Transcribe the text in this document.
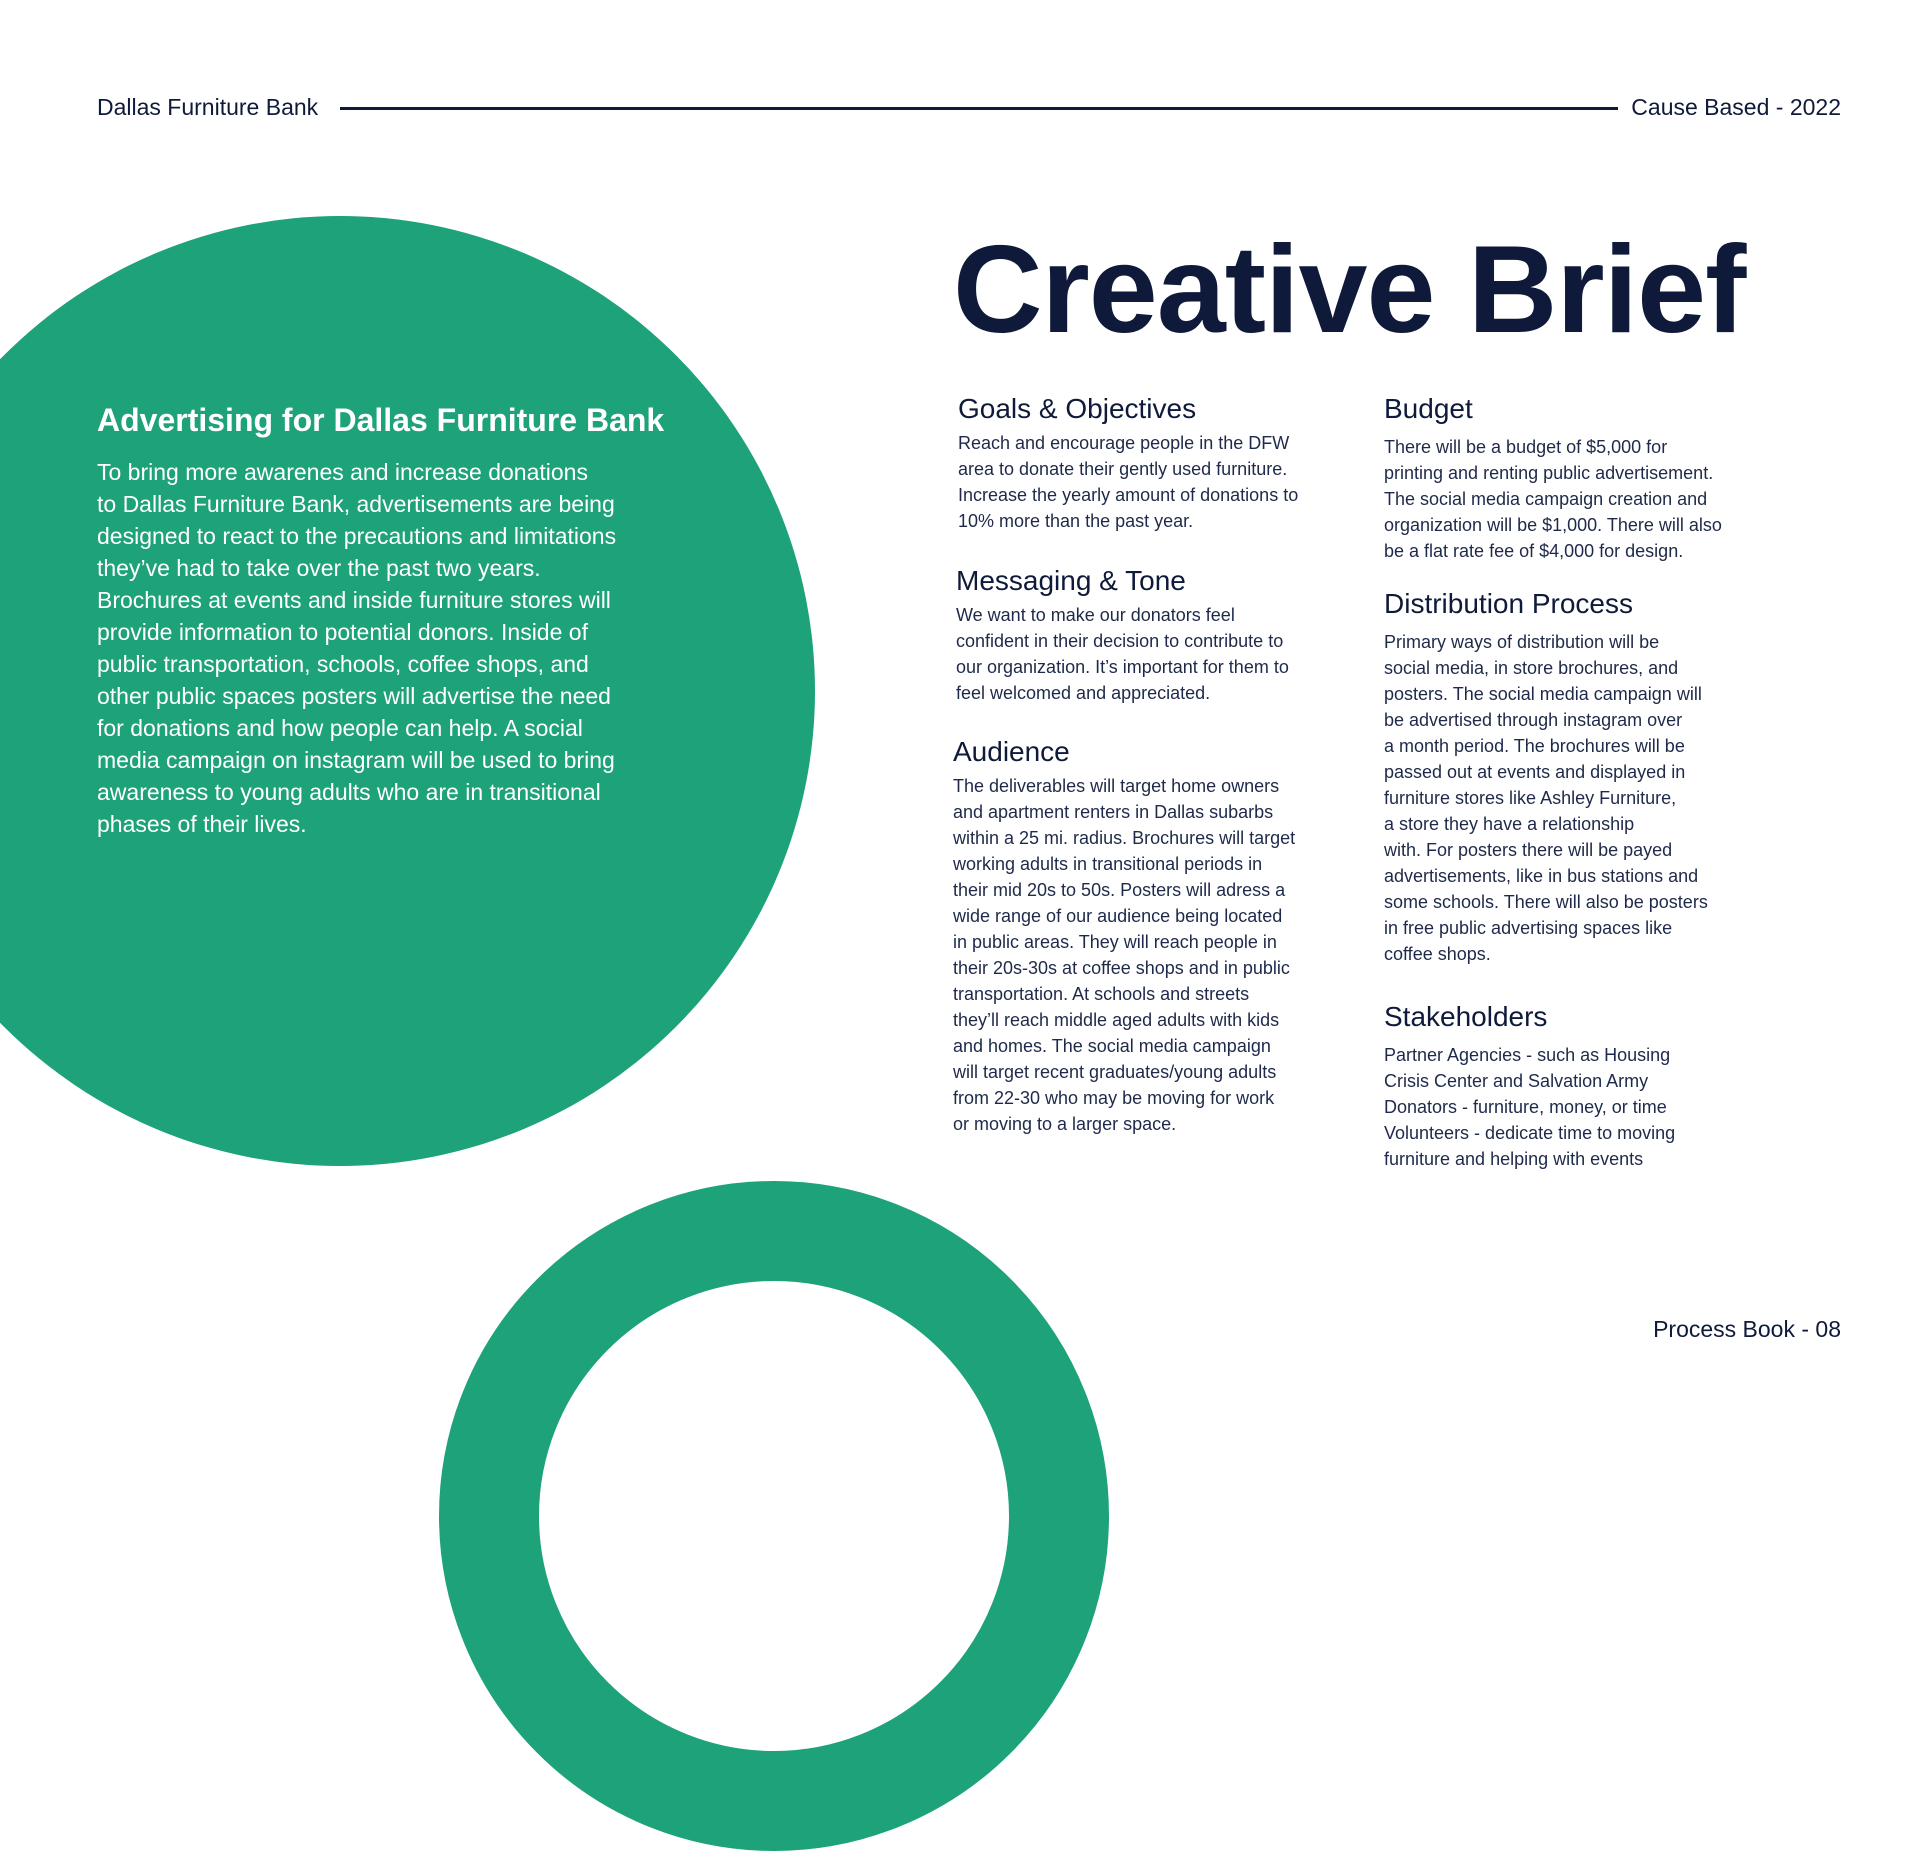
Dallas Furniture Bank	Cause Based - 2022
Advertising for Dallas Furniture Bank

To bring more awarenes and increase donations
to Dallas Furniture Bank, advertisements are being
designed to react to the precautions and limitations
they’ve had to take over the past two years.
Brochures at events and inside furniture stores will
provide information to potential donors. Inside of
public transportation, schools, coffee shops, and
other public spaces posters will advertise the need
for donations and how people can help. A social
media campaign on instagram will be used to bring
awareness to young adults who are in transitional
phases of their lives.

Creative Brief
Goals & Objectives

Reach and encourage people in the DFW
area to donate their gently used furniture.
Increase the yearly amount of donations to
10% more than the past year.

Messaging & Tone

We want to make our donators feel
confident in their decision to contribute to
our organization. It’s important for them to
feel welcomed and appreciated.

Audience

The deliverables will target home owners
and apartment renters in Dallas subarbs
within a 25 mi. radius. Brochures will target
working adults in transitional periods in
their mid 20s to 50s. Posters will adress a
wide range of our audience being located
in public areas. They will reach people in
their 20s-30s at coffee shops and in public
transportation. At schools and streets
they’ll reach middle aged adults with kids
and homes. The social media campaign
will target recent graduates/young adults
from 22-30 who may be moving for work
or moving to a larger space.

Budget

There will be a budget of $5,000 for
printing and renting public advertisement.
The social media campaign creation and
organization will be $1,000. There will also
be a flat rate fee of $4,000 for design.

Distribution Process

Primary ways of distribution will be
social media, in store brochures, and
posters. The social media campaign will
be advertised through instagram over
a month period. The brochures will be
passed out at events and displayed in
furniture stores like Ashley Furniture,
a store they have a relationship
with. For posters there will be payed
advertisements, like in bus stations and
some schools. There will also be posters
in free public advertising spaces like
coffee shops.

Stakeholders

Partner Agencies - such as Housing
Crisis Center and Salvation Army
Donators - furniture, money, or time
Volunteers - dedicate time to moving
furniture and helping with events

Process Book - 08
